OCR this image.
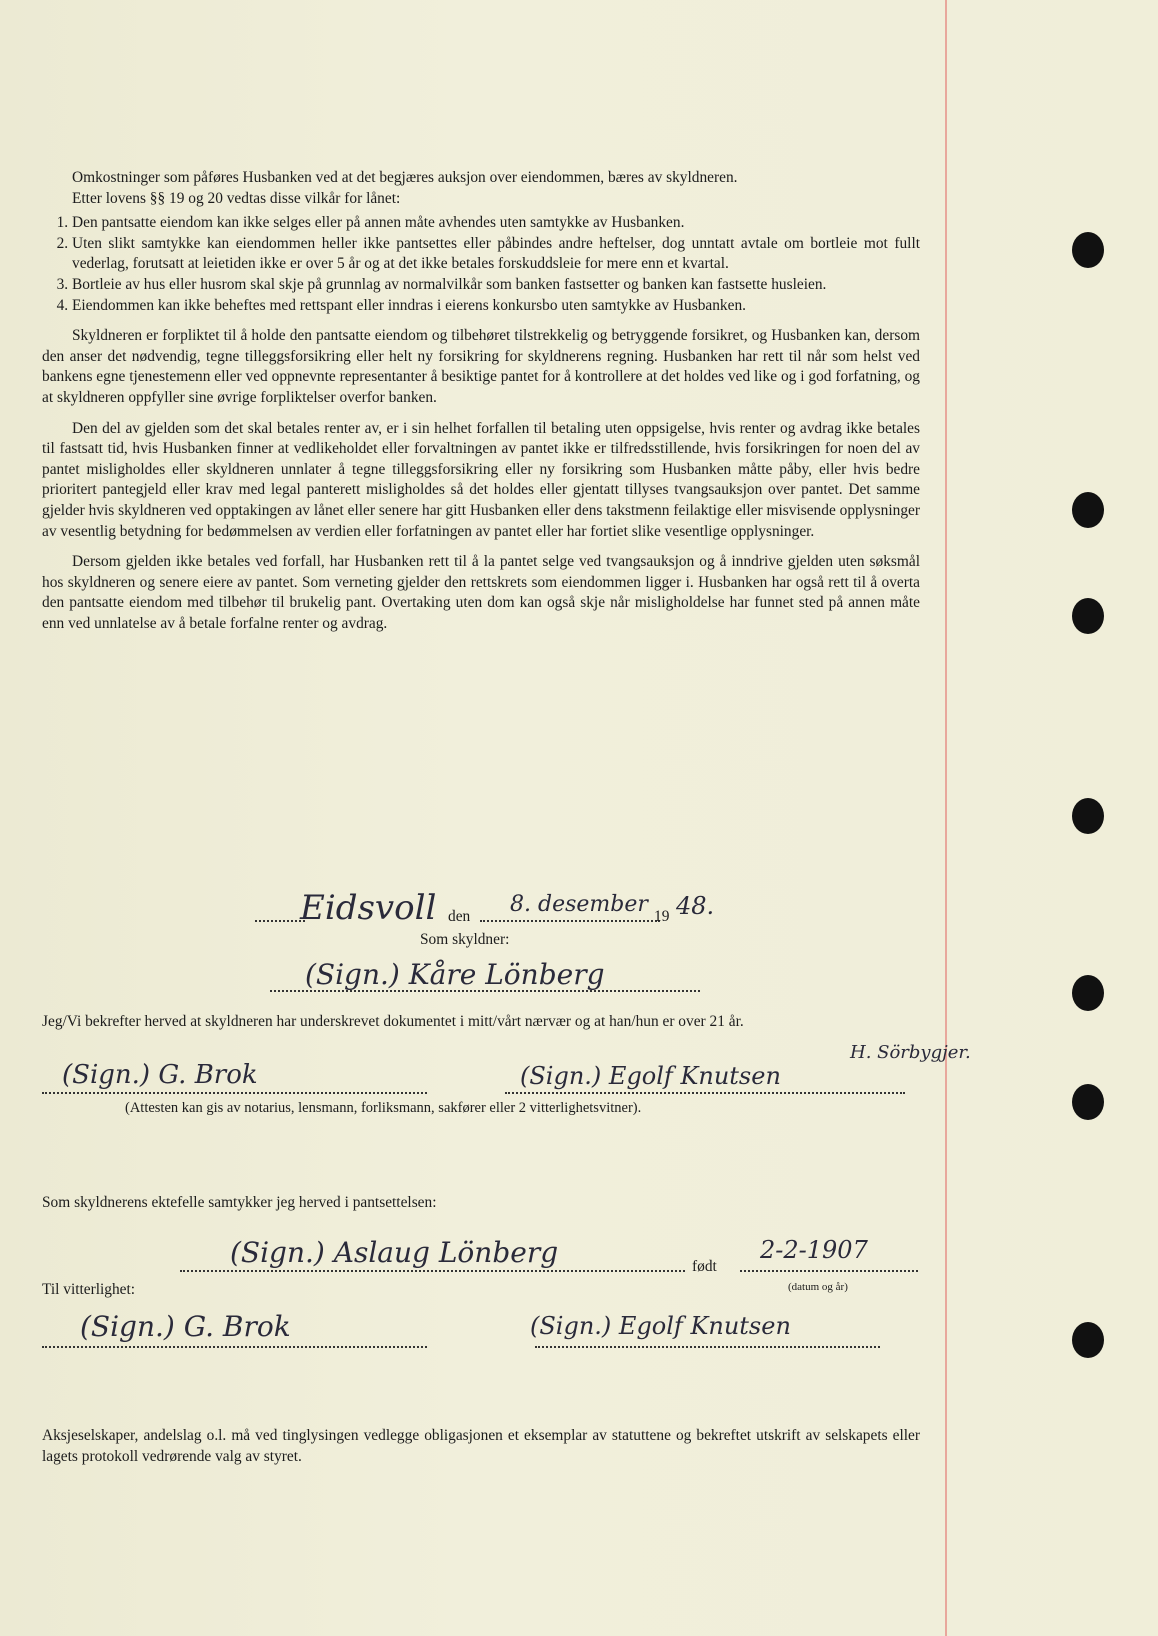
Omkostninger som påføres Husbanken ved at det begjæres auksjon over eiendommen, bæres av skyldneren.

Etter lovens §§ 19 og 20 vedtas disse vilkår for lånet:

1. Den pantsatte eiendom kan ikke selges eller på annen måte avhendes uten samtykke av Husbanken.
2. Uten slikt samtykke kan eiendommen heller ikke pantsettes eller påbindes andre heftelser, dog unntatt avtale om bortleie mot fullt vederlag, forutsatt at leietiden ikke er over 5 år og at det ikke betales forskuddsleie for mere enn et kvartal.
3. Bortleie av hus eller husrom skal skje på grunnlag av normalvilkår som banken fastsetter og banken kan fastsette husleien.
4. Eiendommen kan ikke beheftes med rettspant eller inndras i eierens konkursbo uten samtykke av Husbanken.

Skyldneren er forpliktet til å holde den pantsatte eiendom og tilbehøret tilstrekkelig og betryggende forsikret, og Husbanken kan, dersom den anser det nødvendig, tegne tilleggsforsikring eller helt ny forsikring for skyldnerens regning. Husbanken har rett til når som helst ved bankens egne tjenestemenn eller ved oppnevnte representanter å besiktige pantet for å kontrollere at det holdes ved like og i god forfatning, og at skyldneren oppfyller sine øvrige forpliktelser overfor banken.

Den del av gjelden som det skal betales renter av, er i sin helhet forfallen til betaling uten oppsigelse, hvis renter og avdrag ikke betales til fastsatt tid, hvis Husbanken finner at vedlikeholdet eller forvaltningen av pantet ikke er tilfredsstillende, hvis forsikringen for noen del av pantet misligholdes eller skyldneren unnlater å tegne tilleggsforsikring eller ny forsikring som Husbanken måtte påby, eller hvis bedre prioritert pantegjeld eller krav med legal panterett misligholdes så det holdes eller gjentatt tillyses tvangsauksjon over pantet. Det samme gjelder hvis skyldneren ved opptakingen av lånet eller senere har gitt Husbanken eller dens takstmenn feilaktige eller misvisende opplysninger av vesentlig betydning for bedømmelsen av verdien eller forfatningen av pantet eller har fortiet slike vesentlige opplysninger.

Dersom gjelden ikke betales ved forfall, har Husbanken rett til å la pantet selge ved tvangsauksjon og å inndrive gjelden uten søksmål hos skyldneren og senere eiere av pantet. Som verneting gjelder den rettskrets som eiendommen ligger i. Husbanken har også rett til å overta den pantsatte eiendom med tilbehør til brukelig pant. Overtaking uten dom kan også skje når misligholdelse har funnet sted på annen måte enn ved unnlatelse av å betale forfalne renter og avdrag.

Eidsvoll den 8. desember 19 48.
Som skyldner:
(Sign.) Kåre Lönberg
Jeg/Vi bekrefter herved at skyldneren har underskrevet dokumentet i mitt/vårt nærvær og at han/hun er over 21 år.
(Sign.) G. Brok	(Sign.) Egolf Knutsen
H. Sörbygjer.
(Attesten kan gis av notarius, lensmann, forliksmann, sakfører eller 2 vitterlighetsvitner).
Som skyldnerens ektefelle samtykker jeg herved i pantsettelsen:
(Sign.) Aslaug Lönberg	født
2-2-1907
(datum og år)
Til vitterlighet:
(Sign.) G. Brok	(Sign.) Egolf Knutsen
Aksjeselskaper, andelslag o.l. må ved tinglysingen vedlegge obligasjonen et eksemplar av statuttene og bekreftet utskrift av selskapets eller lagets protokoll vedrørende valg av styret.
